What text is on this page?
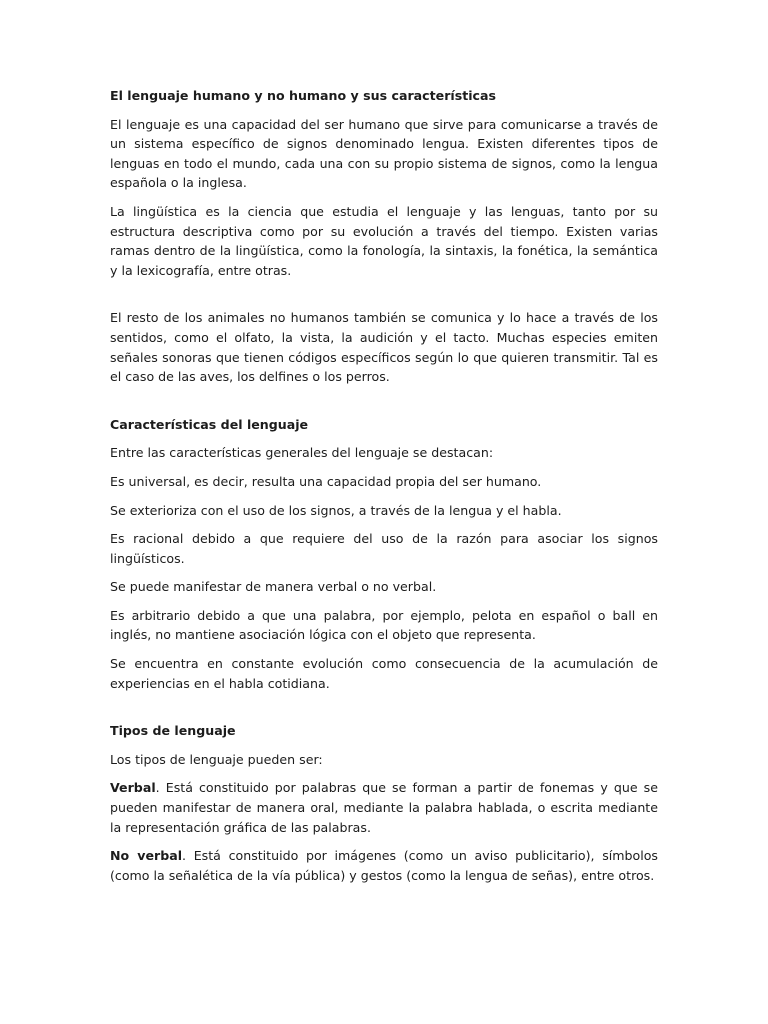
El lenguaje humano y no humano y sus características

El lenguaje es una capacidad del ser humano que sirve para comunicarse a través de un sistema específico de signos denominado lengua. Existen diferentes tipos de lenguas en todo el mundo, cada una con su propio sistema de signos, como la lengua española o la inglesa.

La lingüística es la ciencia que estudia el lenguaje y las lenguas, tanto por su estructura descriptiva como por su evolución a través del tiempo. Existen varias ramas dentro de la lingüística, como la fonología, la sintaxis, la fonética, la semántica y la lexicografía, entre otras.

El resto de los animales no humanos también se comunica y lo hace a través de los sentidos, como el olfato, la vista, la audición y el tacto. Muchas especies emiten señales sonoras que tienen códigos específicos según lo que quieren transmitir. Tal es el caso de las aves, los delfines o los perros.

Características del lenguaje

Entre las características generales del lenguaje se destacan:

Es universal, es decir, resulta una capacidad propia del ser humano.

Se exterioriza con el uso de los signos, a través de la lengua y el habla.

Es racional debido a que requiere del uso de la razón para asociar los signos lingüísticos.

Se puede manifestar de manera verbal o no verbal.

Es arbitrario debido a que una palabra, por ejemplo, pelota en español o ball en inglés, no mantiene asociación lógica con el objeto que representa.

Se encuentra en constante evolución como consecuencia de la acumulación de experiencias en el habla cotidiana.

Tipos de lenguaje

Los tipos de lenguaje pueden ser:

Verbal. Está constituido por palabras que se forman a partir de fonemas y que se pueden manifestar de manera oral, mediante la palabra hablada, o escrita mediante la representación gráfica de las palabras.

No verbal. Está constituido por imágenes (como un aviso publicitario), símbolos (como la señalética de la vía pública) y gestos (como la lengua de señas), entre otros.
